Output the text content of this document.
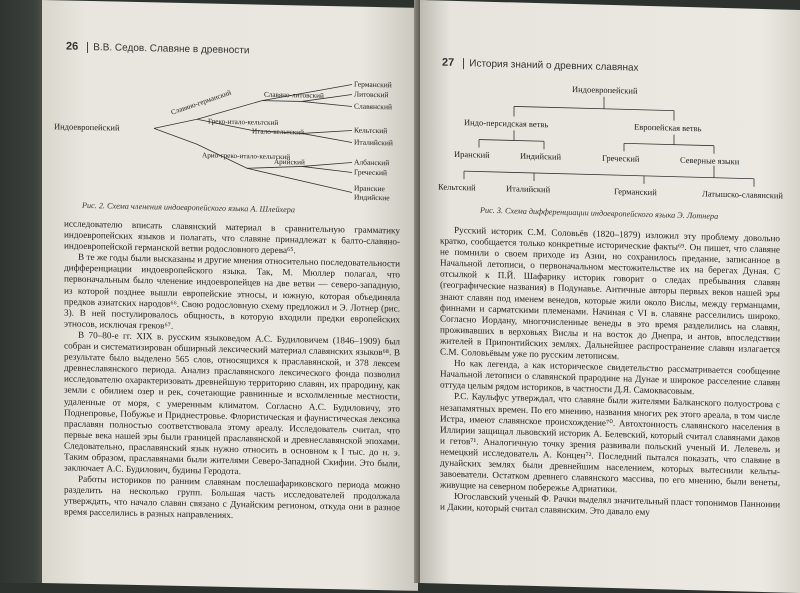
26 В.В. Седов. Славяне в древности
Индоевропейский
Славяно-германский
Греко-итало-кельтский
Арио-греко-итало-кельтский
Славяно-литовский
Итало-кельтский
Арийский
Германский
Литовский
Славянский
Кельтский
Италийский
Албанский
Греческий
Иранские
Индийские
Рис. 2. Схема членения индоевропейского языка А. Шлейхера

исследователю вписать славянский материал в сравнительную грамматику индоевропейских языков и полагать, что славяне принадлежат к балто-славяно-индоевропейской германской ветви родословного дерева⁶⁵.

В те же годы были высказаны и другие мнения относительно последовательности дифференциации индоевропейского языка. Так, М. Мюллер полагал, что первоначальным было членение индоевропейцев на две ветви — северо-западную, из которой позднее вышли европейские этносы, и южную, которая объединяла предков азиатских народов⁶⁶. Свою родословную схему предложил и Э. Лотнер (рис. 3). В ней постулировалось общность, в которую входили предки европейских этносов, исключая греков⁶⁷.

В 70–80-е гг. XIX в. русским языковедом А.С. Будиловичем (1846–1909) был собран и систематизирован обширный лексический материал славянских языков⁶⁸. В результате было выделено 565 слов, относящихся к праславянской, и 378 лексем древнеславянского периода. Анализ праславянского лексического фонда позволил исследователю охарактеризовать древнейшую территорию славян, их прародину, как земли с обилием озер и рек, сочетающие равнинные и всхолмленные местности, удаленные от моря, с умеренным климатом. Согласно А.С. Будиловичу, это Поднепровье, Побужье и Приднестровье. Флористическая и фаунистическая лексика праславян полностью соответствовала этому ареалу. Исследователь считал, что первые века нашей эры были границей праславянской и древнеславянской эпохами. Следовательно, праславянский язык нужно относить в основном к I тыс. до н. э. Таким образом, праславянами были жителями Северо-Западной Скифии. Это были, заключает А.С. Будилович, будины Геродота.

Работы историков по ранним славянам послешафариковского периода можно разделить на несколько групп. Большая часть исследователей продолжала утверждать, что начало славян связано с Дунайским регионом, откуда они в разное время расселились в разных направлениях.

27 История знаний о древних славянах
Индоевропейский
Индо-персидская ветвь	Европейская ветвь
Иранский	Индийский	Греческий	Северные языки
Кельтский	Италийский	Германский	Латышско-славянский
Рис. 3. Схема дифференциации индоевропейского языка Э. Лотнера

Русский историк С.М. Соловьёв (1820–1879) изложил эту проблему довольно кратко, сообщается только конкретные исторические факты⁶⁹. Он пишет, что славяне не помнили о своем приходе из Азии, но сохранилось предание, записанное в Начальной летописи, о первоначальном местожительстве их на берегах Дуная. С отсылкой к П.Й. Шафарику историк говорит о следах пребывания славян (географические названия) в Подунавье. Античные авторы первых веков нашей эры знают славян под именем венедов, которые жили около Вислы, между германцами, финнами и сарматскими племенами. Начиная с VI в. славяне расселились широко. Согласно Иордану, многочисленные венеды в это время разделились на славян, проживавших в верховьях Вислы и на восток до Днепра, и антов, впоследствии жителей в Припонтийских землях. Дальнейшее распространение славян излагается С.М. Соловьёвым уже по русским летописям.

Но как легенда, а как историческое свидетельство рассматривается сообщение Начальной летописи о славянской прародине на Дунае и широкое расселение славян оттуда целым рядом историков, в частности Д.Я. Самоквасовым.

Р.С. Каульфус утверждал, что славяне были жителями Балканского полуострова с незапамятных времен. По его мнению, названия многих рек этого ареала, в том числе Истра, имеют славянское происхождение⁷⁰. Автохтонность славянского населения в Иллирии защищал львовский историк А. Белевский, который считал славянами даков и гетов⁷¹. Аналогичную точку зрения развивали польский ученый И. Лелевель и немецкий исследователь А. Концен⁷². Последний пытался показать, что славяне в дунайских землях были древнейшим населением, которых вытеснили кельты-завоеватели. Остатком древнего славянского массива, по его мнению, были венеты, живущие на северном побережье Адриатики.

Югославский ученый Ф. Рачки выделял значительный пласт топонимов Паннонии и Дакии, который считал славянским. Это давало ему
